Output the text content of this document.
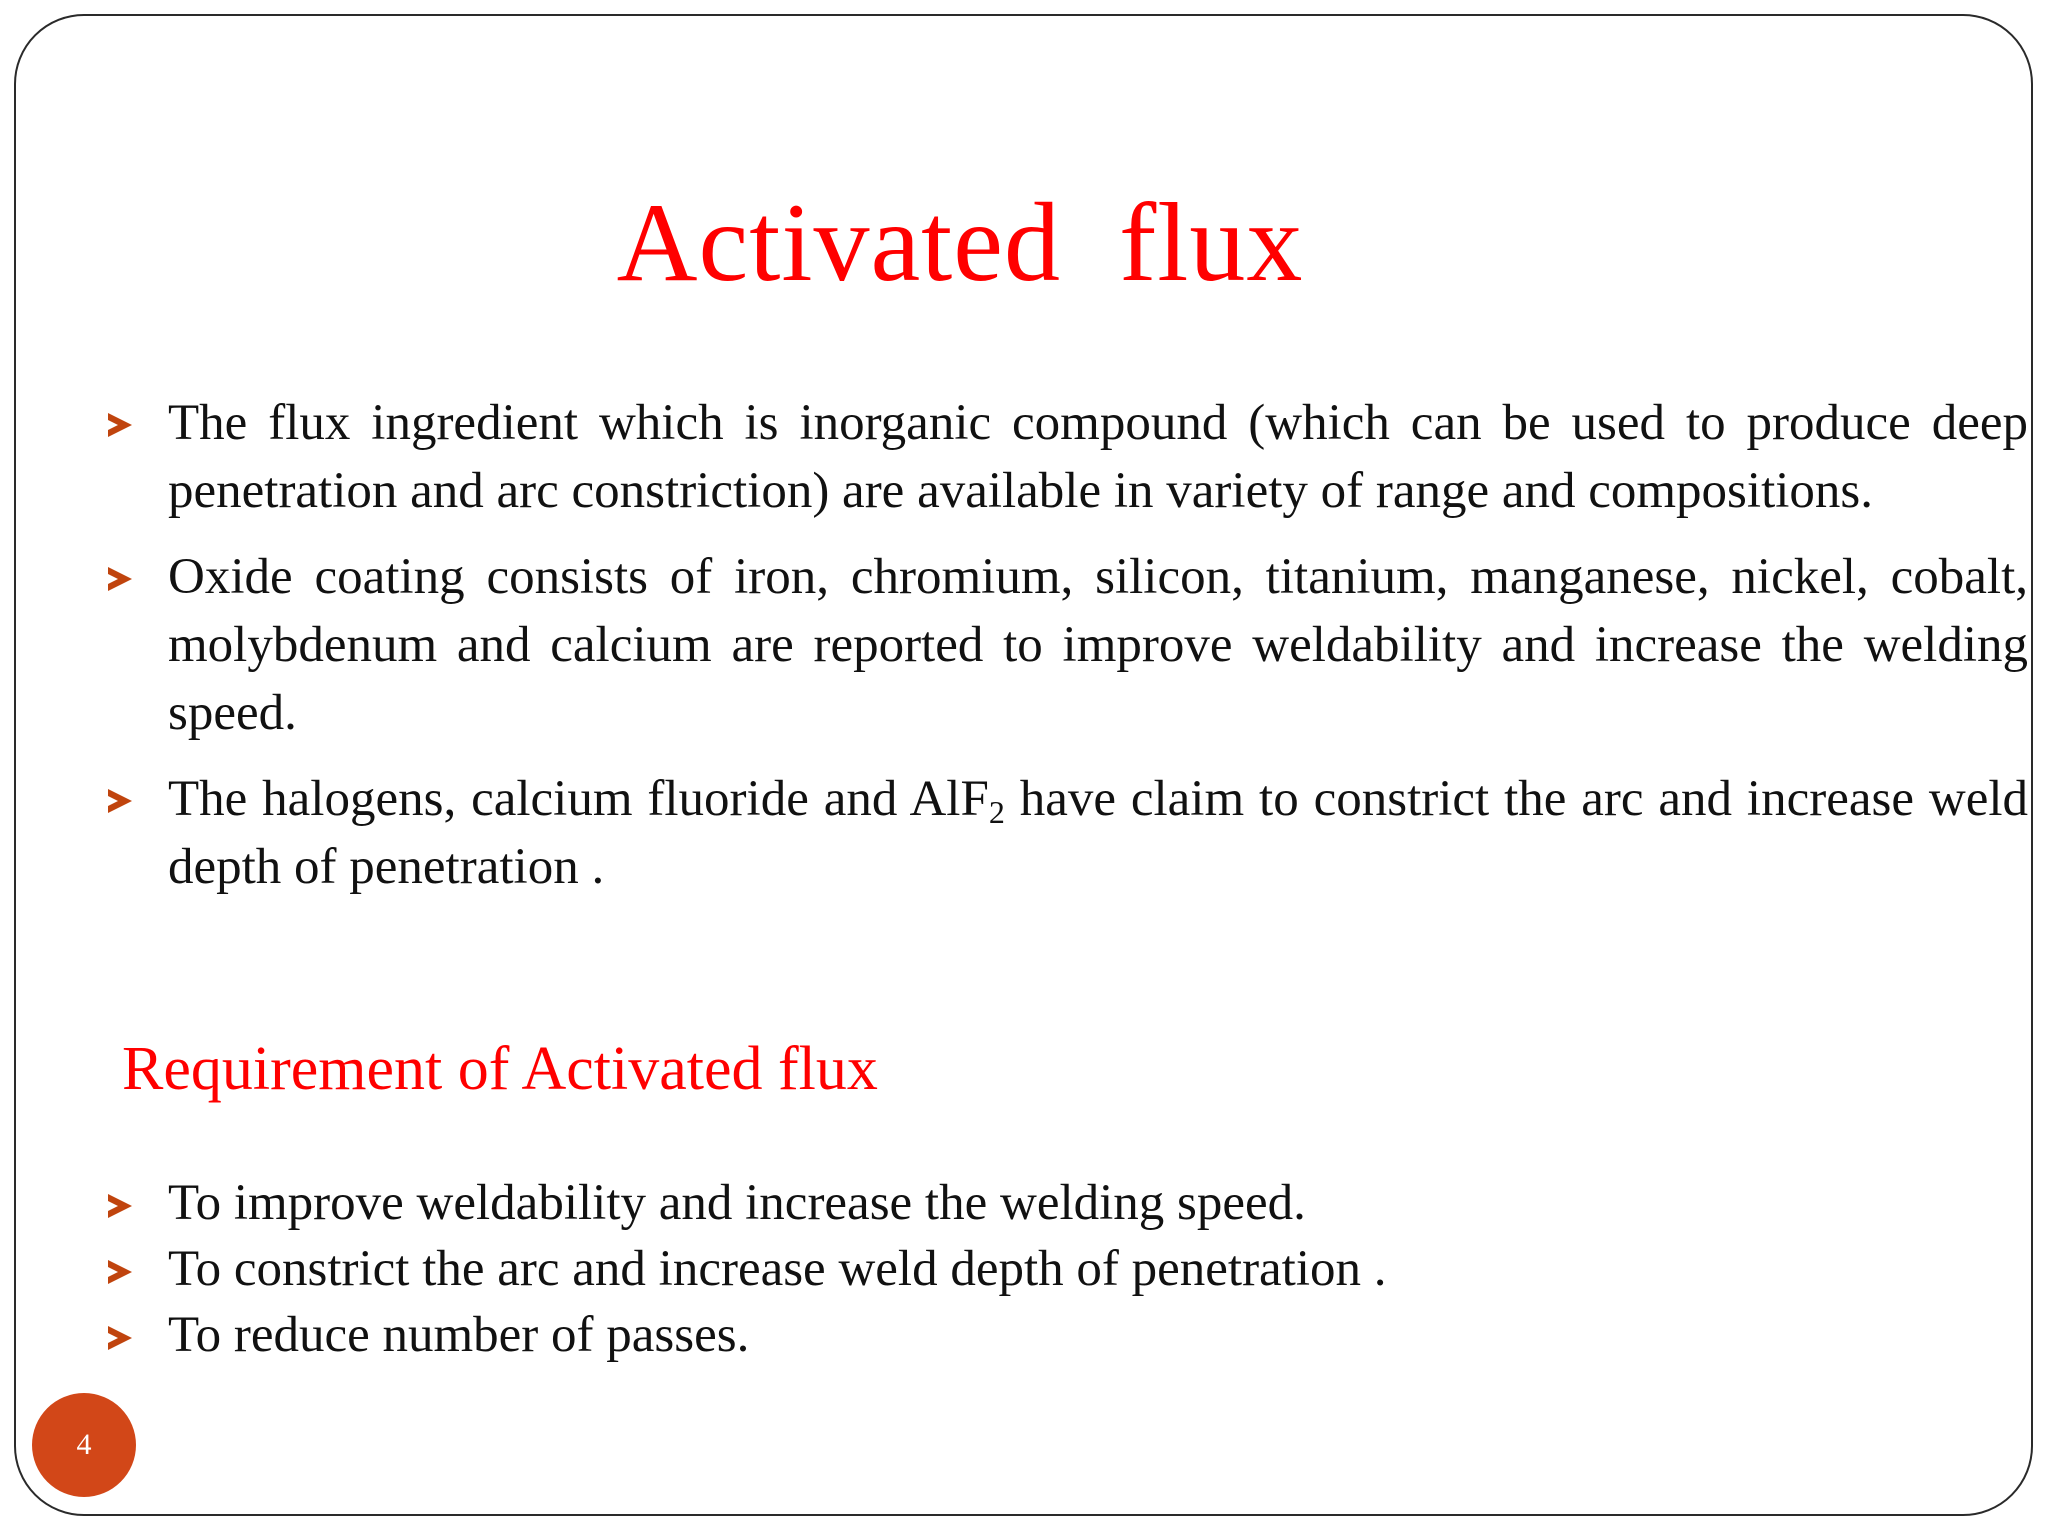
Activated  flux
The flux ingredient which is inorganic compound (which can be used to produce deep penetration and arc constriction) are available in variety of range and compositions.
Oxide coating consists of iron, chromium, silicon, titanium, manganese, nickel, cobalt, molybdenum and calcium are reported to improve weldability and increase the welding speed.
The halogens, calcium fluoride and AlF$_2$ have claim to constrict the arc and increase weld depth of penetration .
Requirement of Activated flux
To improve weldability and increase the welding speed.
To constrict the arc and increase weld depth of penetration .
To reduce number of passes.
4
